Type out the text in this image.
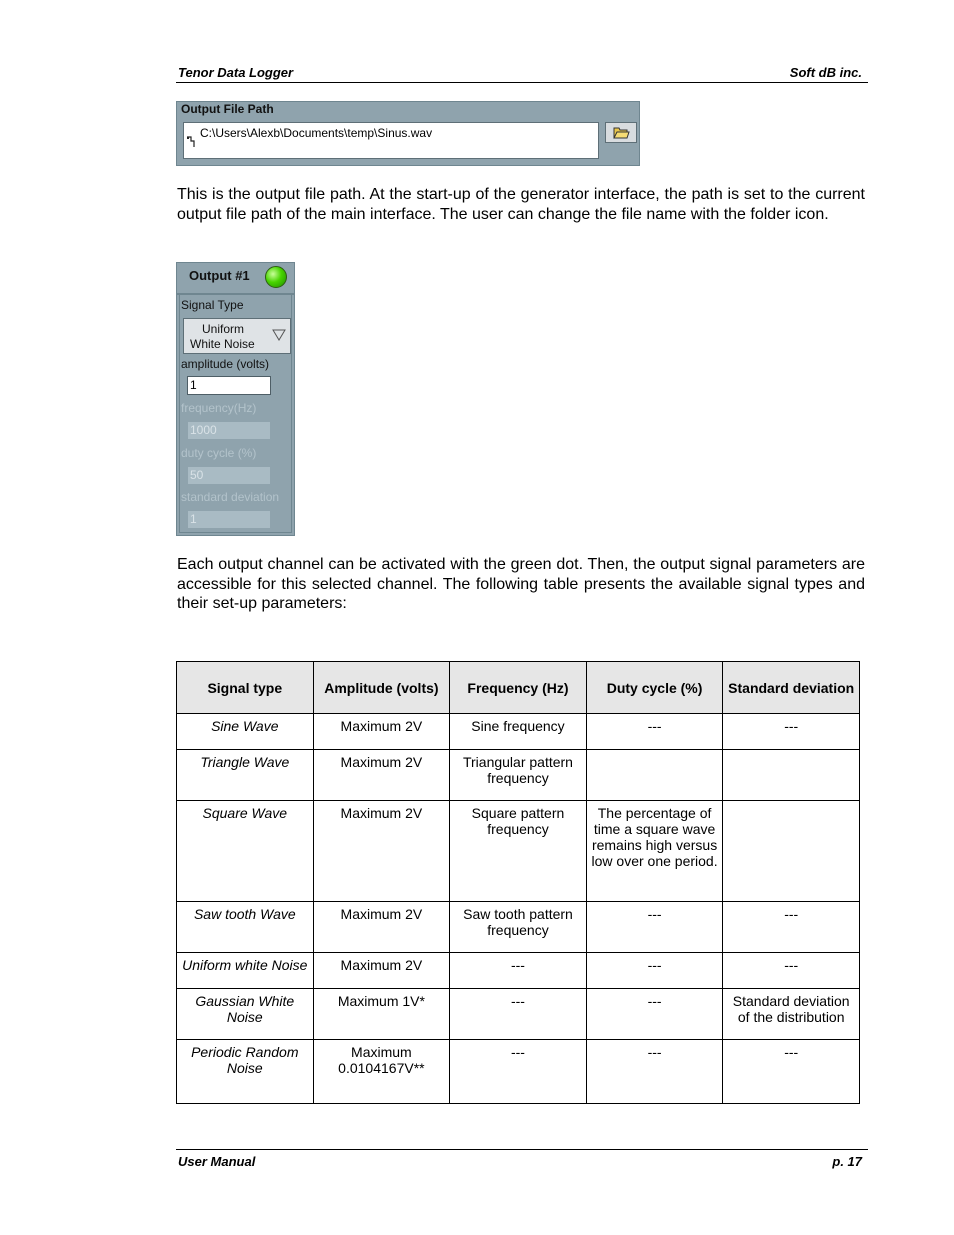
Tenor Data Logger	Soft dB inc.
Output File Path
C:\Users\Alexb\Documents\temp\Sinus.wav

This is the output file path. At the start-up of the generator interface, the path is set to the current output file path of the main interface. The user can change the file name with the folder icon.

Output #1
Signal Type
Uniform
White Noise
amplitude (volts)
1
frequency(Hz)
1000
duty cycle (%)
50
standard deviation
1

Each output channel can be activated with the green dot. Then, the output signal parameters are accessible for this selected channel. The following table presents the available signal types and their set-up parameters:

Signal type	Amplitude (volts)	Frequency (Hz)	Duty cycle (%)	Standard deviation
Sine Wave	Maximum 2V	Sine frequency	---	---
Triangle Wave	Maximum 2V	Triangular pattern frequency		
Square Wave	Maximum 2V	Square pattern frequency	The percentage of time a square wave remains high versus low over one period.	
Saw tooth Wave	Maximum 2V	Saw tooth pattern frequency	---	---
Uniform white Noise	Maximum 2V	---	---	---
Gaussian White Noise	Maximum 1V*	---	---	Standard deviation of the distribution
Periodic Random Noise	Maximum 0.0104167V**	---	---	---
User Manual	p. 17
